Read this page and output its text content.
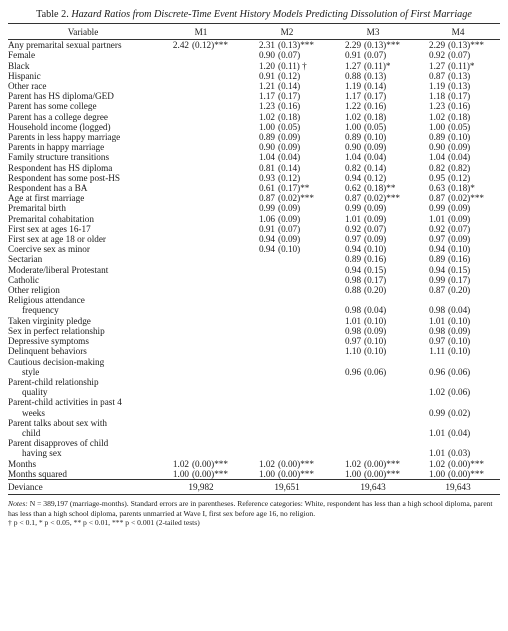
Table 2. Hazard Ratios from Discrete-Time Event History Models Predicting Dissolution of First Marriage
Variable	M1		M2		M3		M4	

Any premarital sexual partners	2.42	(0.12)***	2.31	(0.13)***	2.29	(0.13)***	2.29	(0.13)***

Female			0.90	(0.07)	0.91	(0.07)	0.92	(0.07)

Black			1.20	(0.11) †	1.27	(0.11)*	1.27	(0.11)*

Hispanic			0.91	(0.12)	0.88	(0.13)	0.87	(0.13)

Other race			1.21	(0.14)	1.19	(0.14)	1.19	(0.13)

Parent has HS diploma/GED			1.17	(0.17)	1.17	(0.17)	1.18	(0.17)

Parent has some college			1.23	(0.16)	1.22	(0.16)	1.23	(0.16)

Parent has a college degree			1.02	(0.18)	1.02	(0.18)	1.02	(0.18)

Household income (logged)			1.00	(0.05)	1.00	(0.05)	1.00	(0.05)

Parents in less happy marriage			0.89	(0.09)	0.89	(0.10)	0.89	(0.10)

Parents in happy marriage			0.90	(0.09)	0.90	(0.09)	0.90	(0.09)

Family structure transitions			1.04	(0.04)	1.04	(0.04)	1.04	(0.04)

Respondent has HS diploma			0.81	(0.14)	0.82	(0.14)	0.82	(0.82)

Respondent has some post-HS			0.93	(0.12)	0.94	(0.12)	0.95	(0.12)

Respondent has a BA			0.61	(0.17)**	0.62	(0.18)**	0.63	(0.18)*

Age at first marriage			0.87	(0.02)***	0.87	(0.02)***	0.87	(0.02)***

Premarital birth			0.99	(0.09)	0.99	(0.09)	0.99	(0.09)

Premarital cohabitation			1.06	(0.09)	1.01	(0.09)	1.01	(0.09)

First sex at ages 16-17			0.91	(0.07)	0.92	(0.07)	0.92	(0.07)

First sex at age 18 or older			0.94	(0.09)	0.97	(0.09)	0.97	(0.09)

Coercive sex as minor			0.94	(0.10)	0.94	(0.10)	0.94	(0.10)

Sectarian					0.89	(0.16)	0.89	(0.16)

Moderate/liberal Protestant					0.94	(0.15)	0.94	(0.15)

Catholic					0.98	(0.17)	0.99	(0.17)

Other religion					0.88	(0.20)	0.87	(0.20)

Religious attendance
frequency					0.98	(0.04)	0.98	(0.04)

Taken virginity pledge					1.01	(0.10)	1.01	(0.10)

Sex in perfect relationship					0.98	(0.09)	0.98	(0.09)

Depressive symptoms					0.97	(0.10)	0.97	(0.10)

Delinquent behaviors					1.10	(0.10)	1.11	(0.10)

Cautious decision-making
style					0.96	(0.06)	0.96	(0.06)

Parent-child relationship
quality							1.02	(0.06)

Parent-child activities in past 4
weeks							0.99	(0.02)

Parent talks about sex with
child							1.01	(0.04)

Parent disapproves of child
having sex							1.01	(0.03)

Months	1.02	(0.00)***	1.02	(0.00)***	1.02	(0.00)***	1.02	(0.00)***

Months squared	1.00	(0.00)***	1.00	(0.00)***	1.00	(0.00)***	1.00	(0.00)***
Deviance	19,982		19,651		19,643		19,643	
Notes: N = 389,197 (marriage-months). Standard errors are in parentheses. Reference categories: White, respondent has less than a high school diploma, parent has less than a high school diploma, parents unmarried at Wave I, first sex before age 16, no religion.
† p < 0.1, * p < 0.05, ** p < 0.01, *** p < 0.001 (2-tailed tests)
